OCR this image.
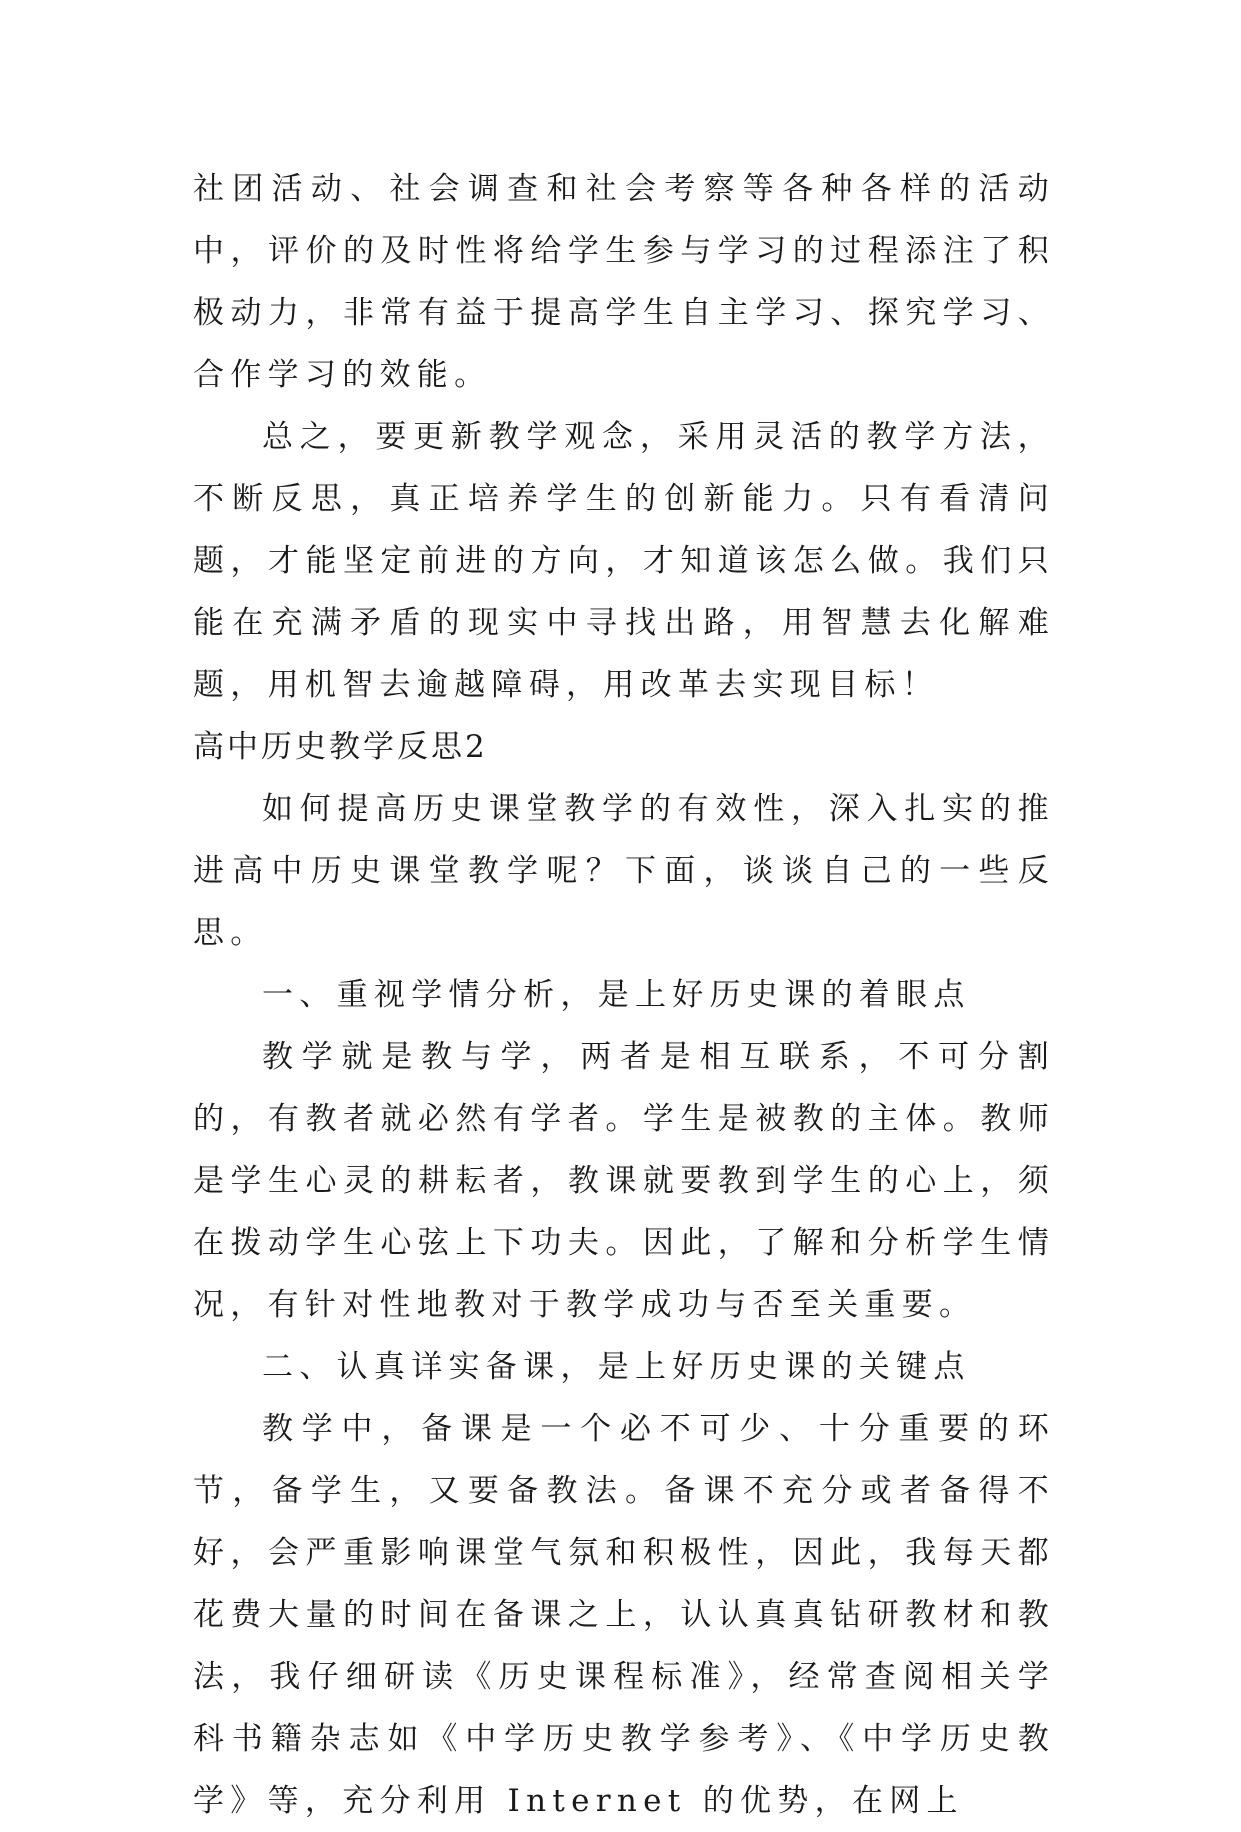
社团活动、社会调查和社会考察等各种各样的活动中，评价的及时性将给学生参与学习的过程添注了积极动力，非常有益于提高学生自主学习、探究学习、合作学习的效能。

总之，要更新教学观念，采用灵活的教学方法，不断反思，真正培养学生的创新能力。只有看清问题，才能坚定前进的方向，才知道该怎么做。我们只能在充满矛盾的现实中寻找出路，用智慧去化解难题，用机智去逾越障碍，用改革去实现目标！

高中历史教学反思2

如何提高历史课堂教学的有效性，深入扎实的推进高中历史课堂教学呢？下面，谈谈自己的一些反思。

一、重视学情分析，是上好历史课的着眼点

教学就是教与学，两者是相互联系，不可分割的，有教者就必然有学者。学生是被教的主体。教师是学生心灵的耕耘者，教课就要教到学生的心上，须在拨动学生心弦上下功夫。因此，了解和分析学生情况，有针对性地教对于教学成功与否至关重要。

二、认真详实备课，是上好历史课的关键点

教学中，备课是一个必不可少、十分重要的环节，备学生，又要备教法。备课不充分或者备得不好，会严重影响课堂气氛和积极性，因此，我每天都花费大量的时间在备课之上，认认真真钻研教材和教法，我仔细研读《历史课程标准》，经常查阅相关学科书籍杂志如《中学历史教学参考》、《中学历史教学》等，充分利用 Internet 的优势，在网上
